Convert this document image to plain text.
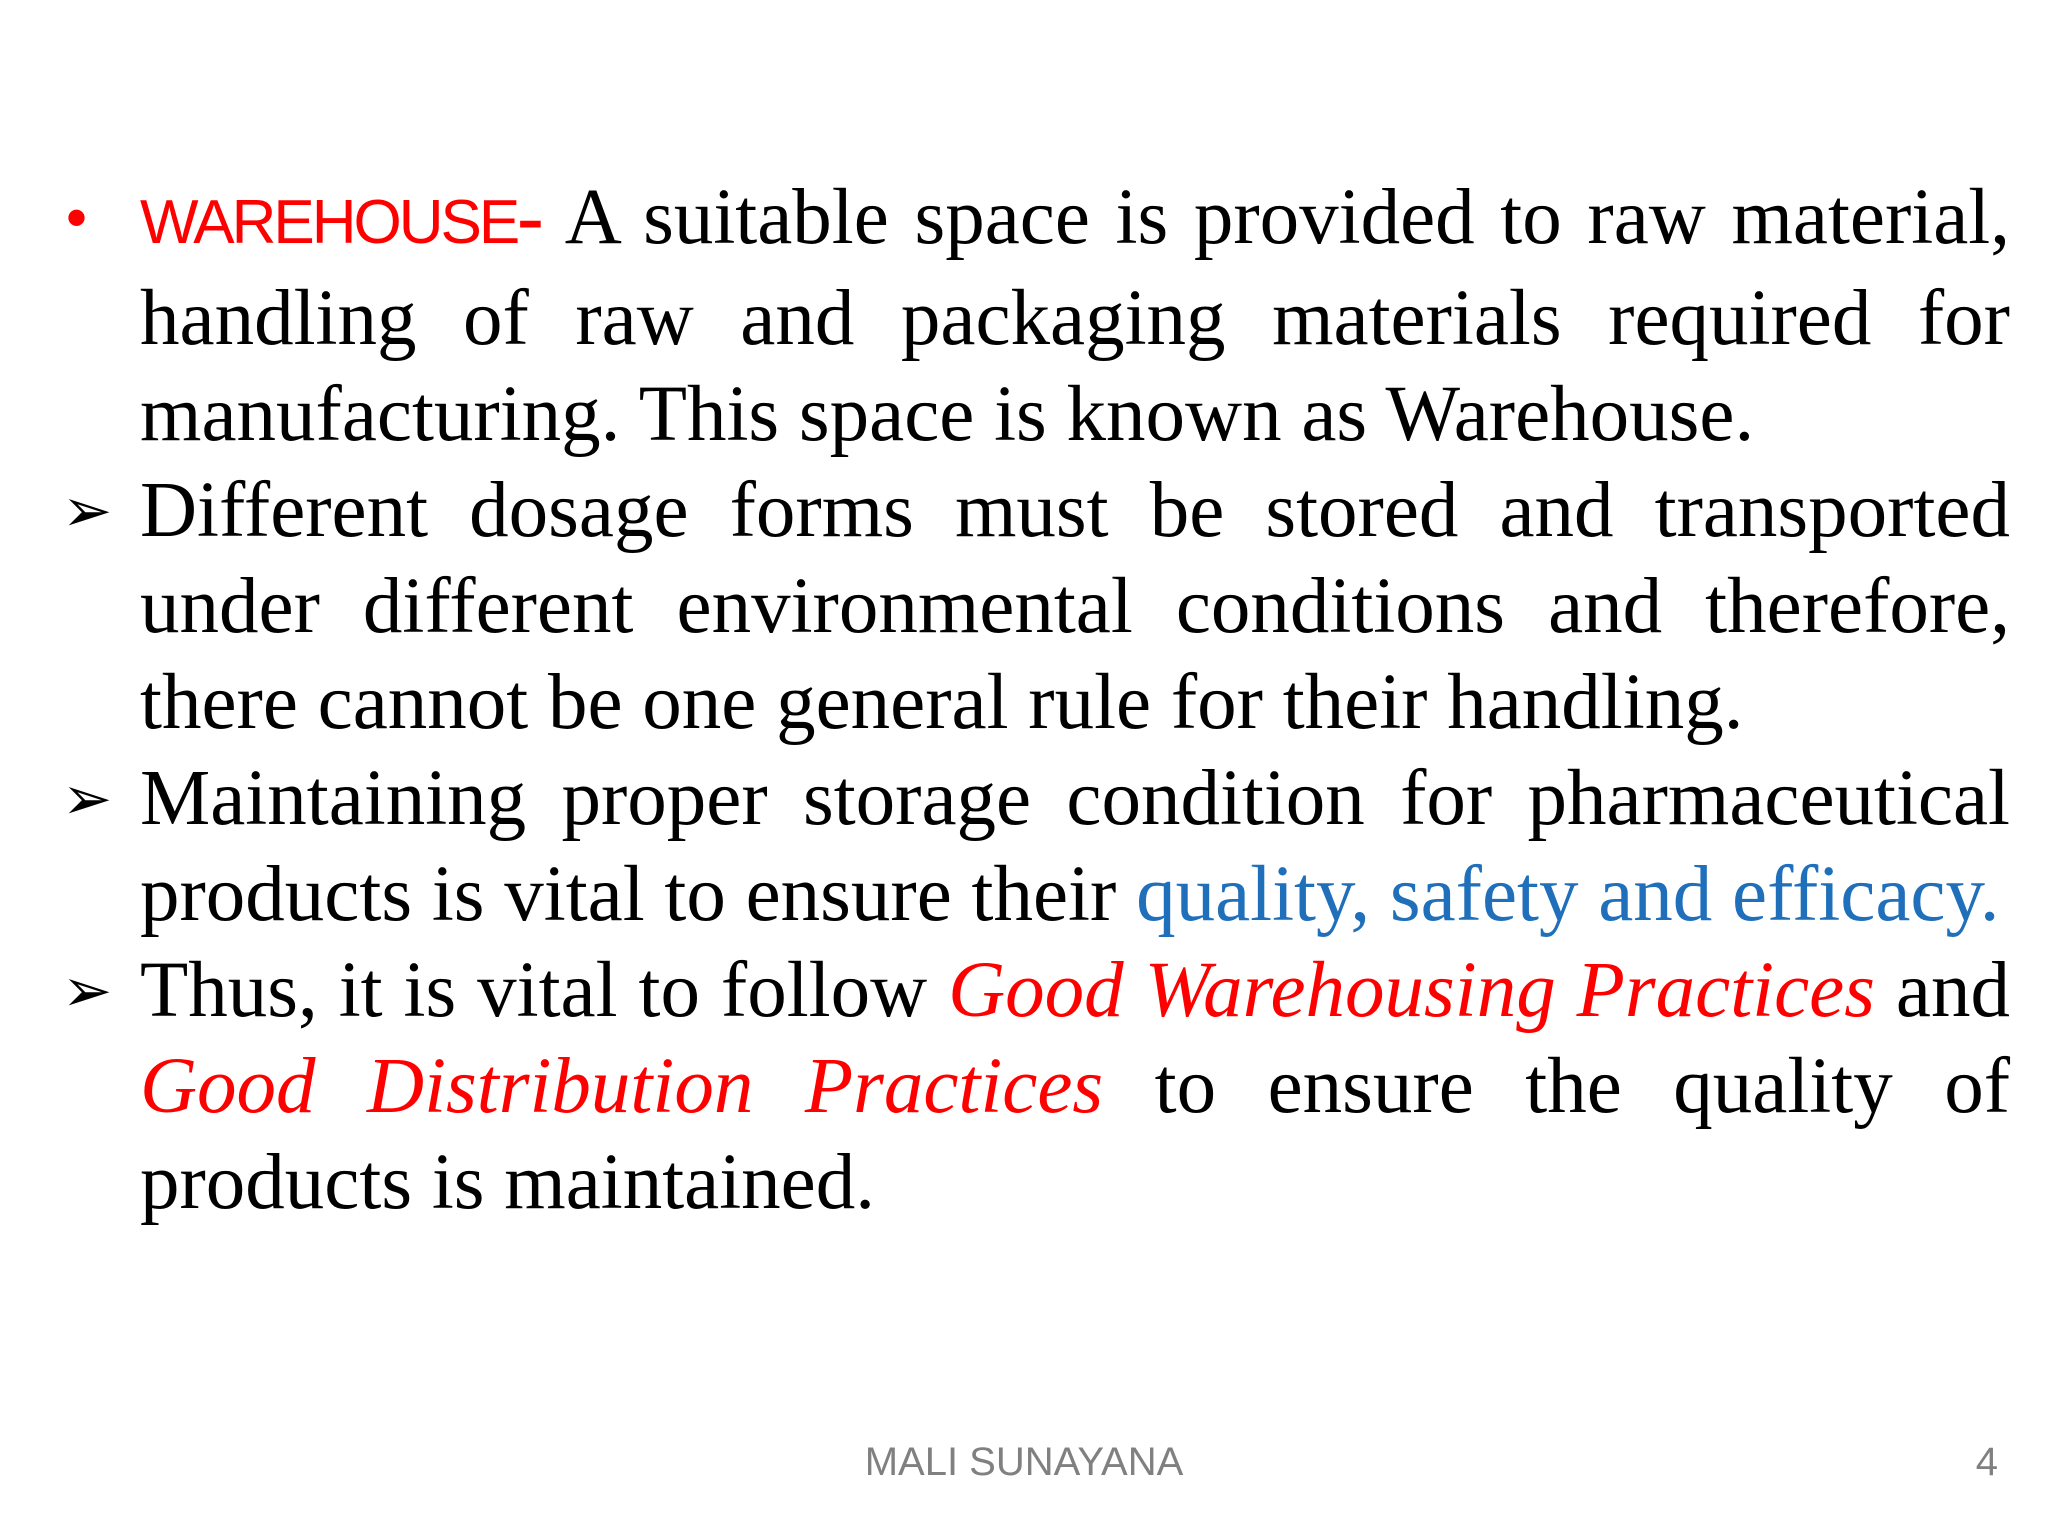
• WAREHOUSE- A suitable space is provided to raw material, handling of raw and packaging materials required for manufacturing. This space is known as Warehouse.
➢ Different dosage forms must be stored and transported under different environmental conditions and therefore, there cannot be one general rule for their handling.
➢ Maintaining proper storage condition for pharmaceutical products is vital to ensure their quality, safety and efficacy.
➢ Thus, it is vital to follow Good Warehousing Practices and Good Distribution Practices to ensure the quality of products is maintained.
MALI SUNAYANA	4
